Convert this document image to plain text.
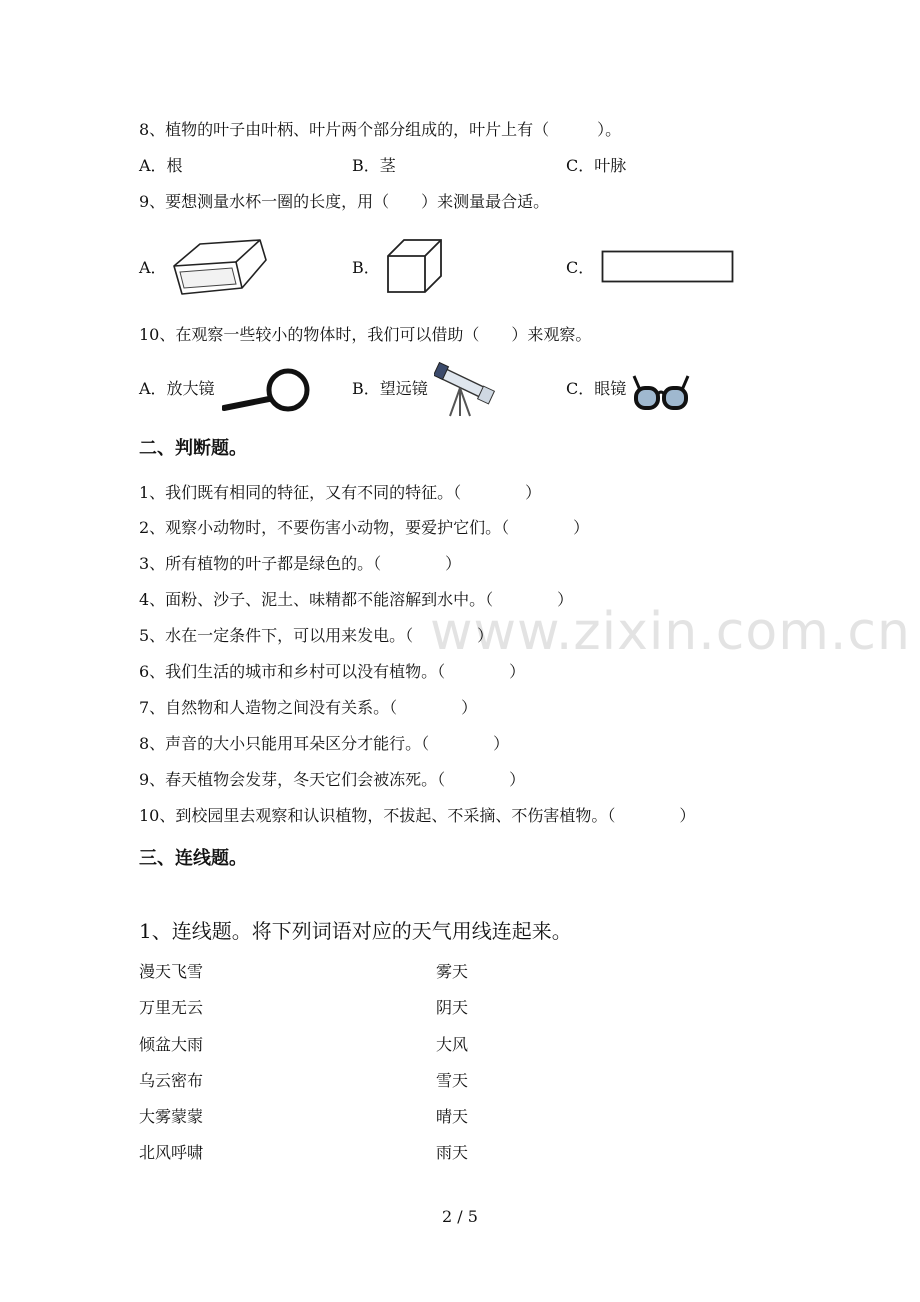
www.zixin.com.cn
8、植物的叶子由叶柄、叶片两个部分组成的，叶片上有（　　　）。
A．根	B．茎	C．叶脉
9、要想测量水杯一圈的长度，用（　　）来测量最合适。
A．	B．	C．
10、在观察一些较小的物体时，我们可以借助（　　）来观察。
A．放大镜	B．望远镜	C．眼镜
二、判断题。
1、我们既有相同的特征，又有不同的特征。（　　　　）
2、观察小动物时，不要伤害小动物，要爱护它们。（　　　　）
3、所有植物的叶子都是绿色的。（　　　　）
4、面粉、沙子、泥土、味精都不能溶解到水中。（　　　　）
5、水在一定条件下，可以用来发电。（　　　　）
6、我们生活的城市和乡村可以没有植物。（　　　　）
7、自然物和人造物之间没有关系。（　　　　）
8、声音的大小只能用耳朵区分才能行。（　　　　）
9、春天植物会发芽，冬天它们会被冻死。（　　　　）
10、到校园里去观察和认识植物，不拔起、不采摘、不伤害植物。（　　　　）
三、连线题。
1、连线题。将下列词语对应的天气用线连起来。
漫天飞雪
万里无云
倾盆大雨
乌云密布
大雾蒙蒙
北风呼啸
雾天
阴天
大风
雪天
晴天
雨天
2 / 5
